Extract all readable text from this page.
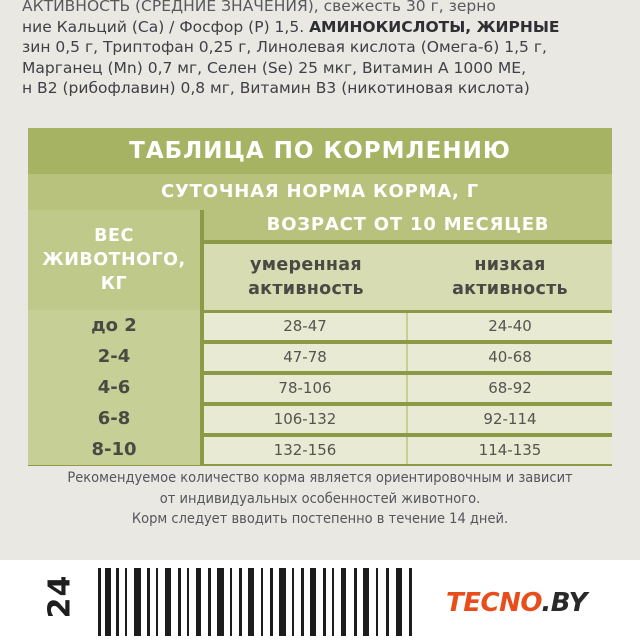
АКТИВНОСТЬ (СРЕДНИЕ ЗНАЧЕНИЯ), свежесть 30 г, зерно
ние Кальций (Ca) / Фосфор (P) 1,5. АМИНОКИСЛОТЫ, ЖИРНЫЕ
зин 0,5 г, Триптофан 0,25 г, Линолевая кислота (Омега-6) 1,5 г,
Марганец (Mn) 0,7 мг, Селен (Se) 25 мкг, Витамин А 1000 МЕ,
н В2 (рибофлавин) 0,8 мг, Витамин В3 (никотиновая кислота)
ТАБЛИЦА ПО КОРМЛЕНИЮ
СУТОЧНАЯ НОРМА КОРМА, Г
ВЕС
ЖИВОТНОГО,
КГ
ВОЗРАСТ ОТ 10 МЕСЯЦЕВ
умеренная
активность
низкая
активность
до 2	28-47	24-40
2-4	47-78	40-68
4-6	78-106	68-92
6-8	106-132	92-114
8-10	132-156	114-135
Рекомендуемое количество корма является ориентировочным и зависит
от индивидуальных особенностей животного.
Корм следует вводить постепенно в течение 14 дней.
24	TECNO.BY
